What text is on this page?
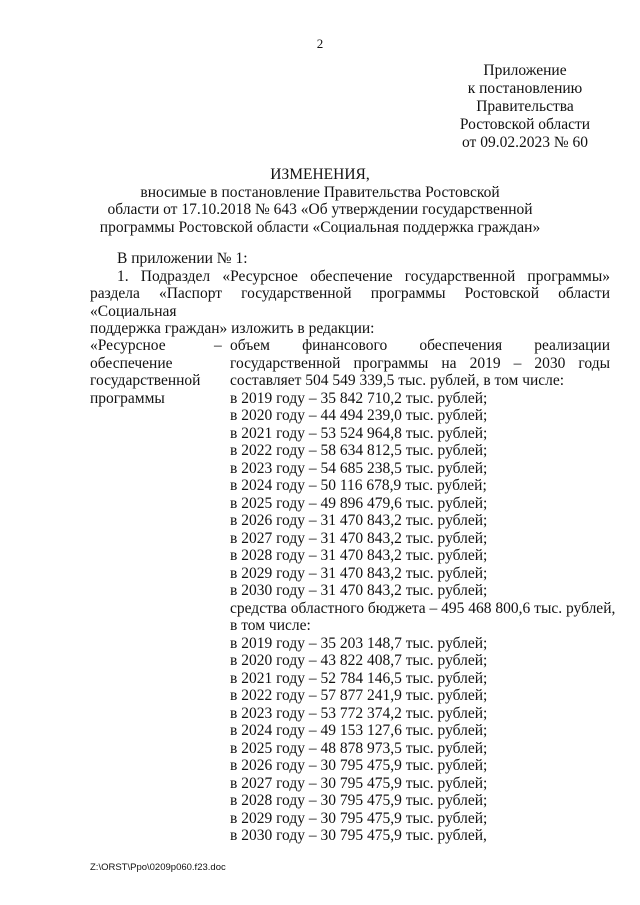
2
Приложение
к постановлению
Правительства
Ростовской области
от 09.02.2023 № 60
ИЗМЕНЕНИЯ,
вносимые в постановление Правительства Ростовской
области от 17.10.2018 № 643 «Об утверждении государственной
программы Ростовской области «Социальная поддержка граждан»

В приложении № 1:

1. Подраздел «Ресурсное обеспечение государственной программы»
раздела «Паспорт государственной программы Ростовской области «Социальная
поддержка граждан» изложить в редакции:
«Ресурсное обеспечение государственной программы
– объем финансового обеспечения реализации
государственной программы на 2019 – 2030 годы
составляет 504 549 339,5 тыс. рублей, в том числе:
в 2019 году – 35 842 710,2 тыс. рублей;
в 2020 году – 44 494 239,0 тыс. рублей;
в 2021 году – 53 524 964,8 тыс. рублей;
в 2022 году – 58 634 812,5 тыс. рублей;
в 2023 году – 54 685 238,5 тыс. рублей;
в 2024 году – 50 116 678,9 тыс. рублей;
в 2025 году – 49 896 479,6 тыс. рублей;
в 2026 году – 31 470 843,2 тыс. рублей;
в 2027 году – 31 470 843,2 тыс. рублей;
в 2028 году – 31 470 843,2 тыс. рублей;
в 2029 году – 31 470 843,2 тыс. рублей;
в 2030 году – 31 470 843,2 тыс. рублей;
средства областного бюджета – 495 468 800,6 тыс. рублей,
в том числе:
в 2019 году – 35 203 148,7 тыс. рублей;
в 2020 году – 43 822 408,7 тыс. рублей;
в 2021 году – 52 784 146,5 тыс. рублей;
в 2022 году – 57 877 241,9 тыс. рублей;
в 2023 году – 53 772 374,2 тыс. рублей;
в 2024 году – 49 153 127,6 тыс. рублей;
в 2025 году – 48 878 973,5 тыс. рублей;
в 2026 году – 30 795 475,9 тыс. рублей;
в 2027 году – 30 795 475,9 тыс. рублей;
в 2028 году – 30 795 475,9 тыс. рублей;
в 2029 году – 30 795 475,9 тыс. рублей;
в 2030 году – 30 795 475,9 тыс. рублей,
Z:\ORST\Ppo\0209p060.f23.doc
